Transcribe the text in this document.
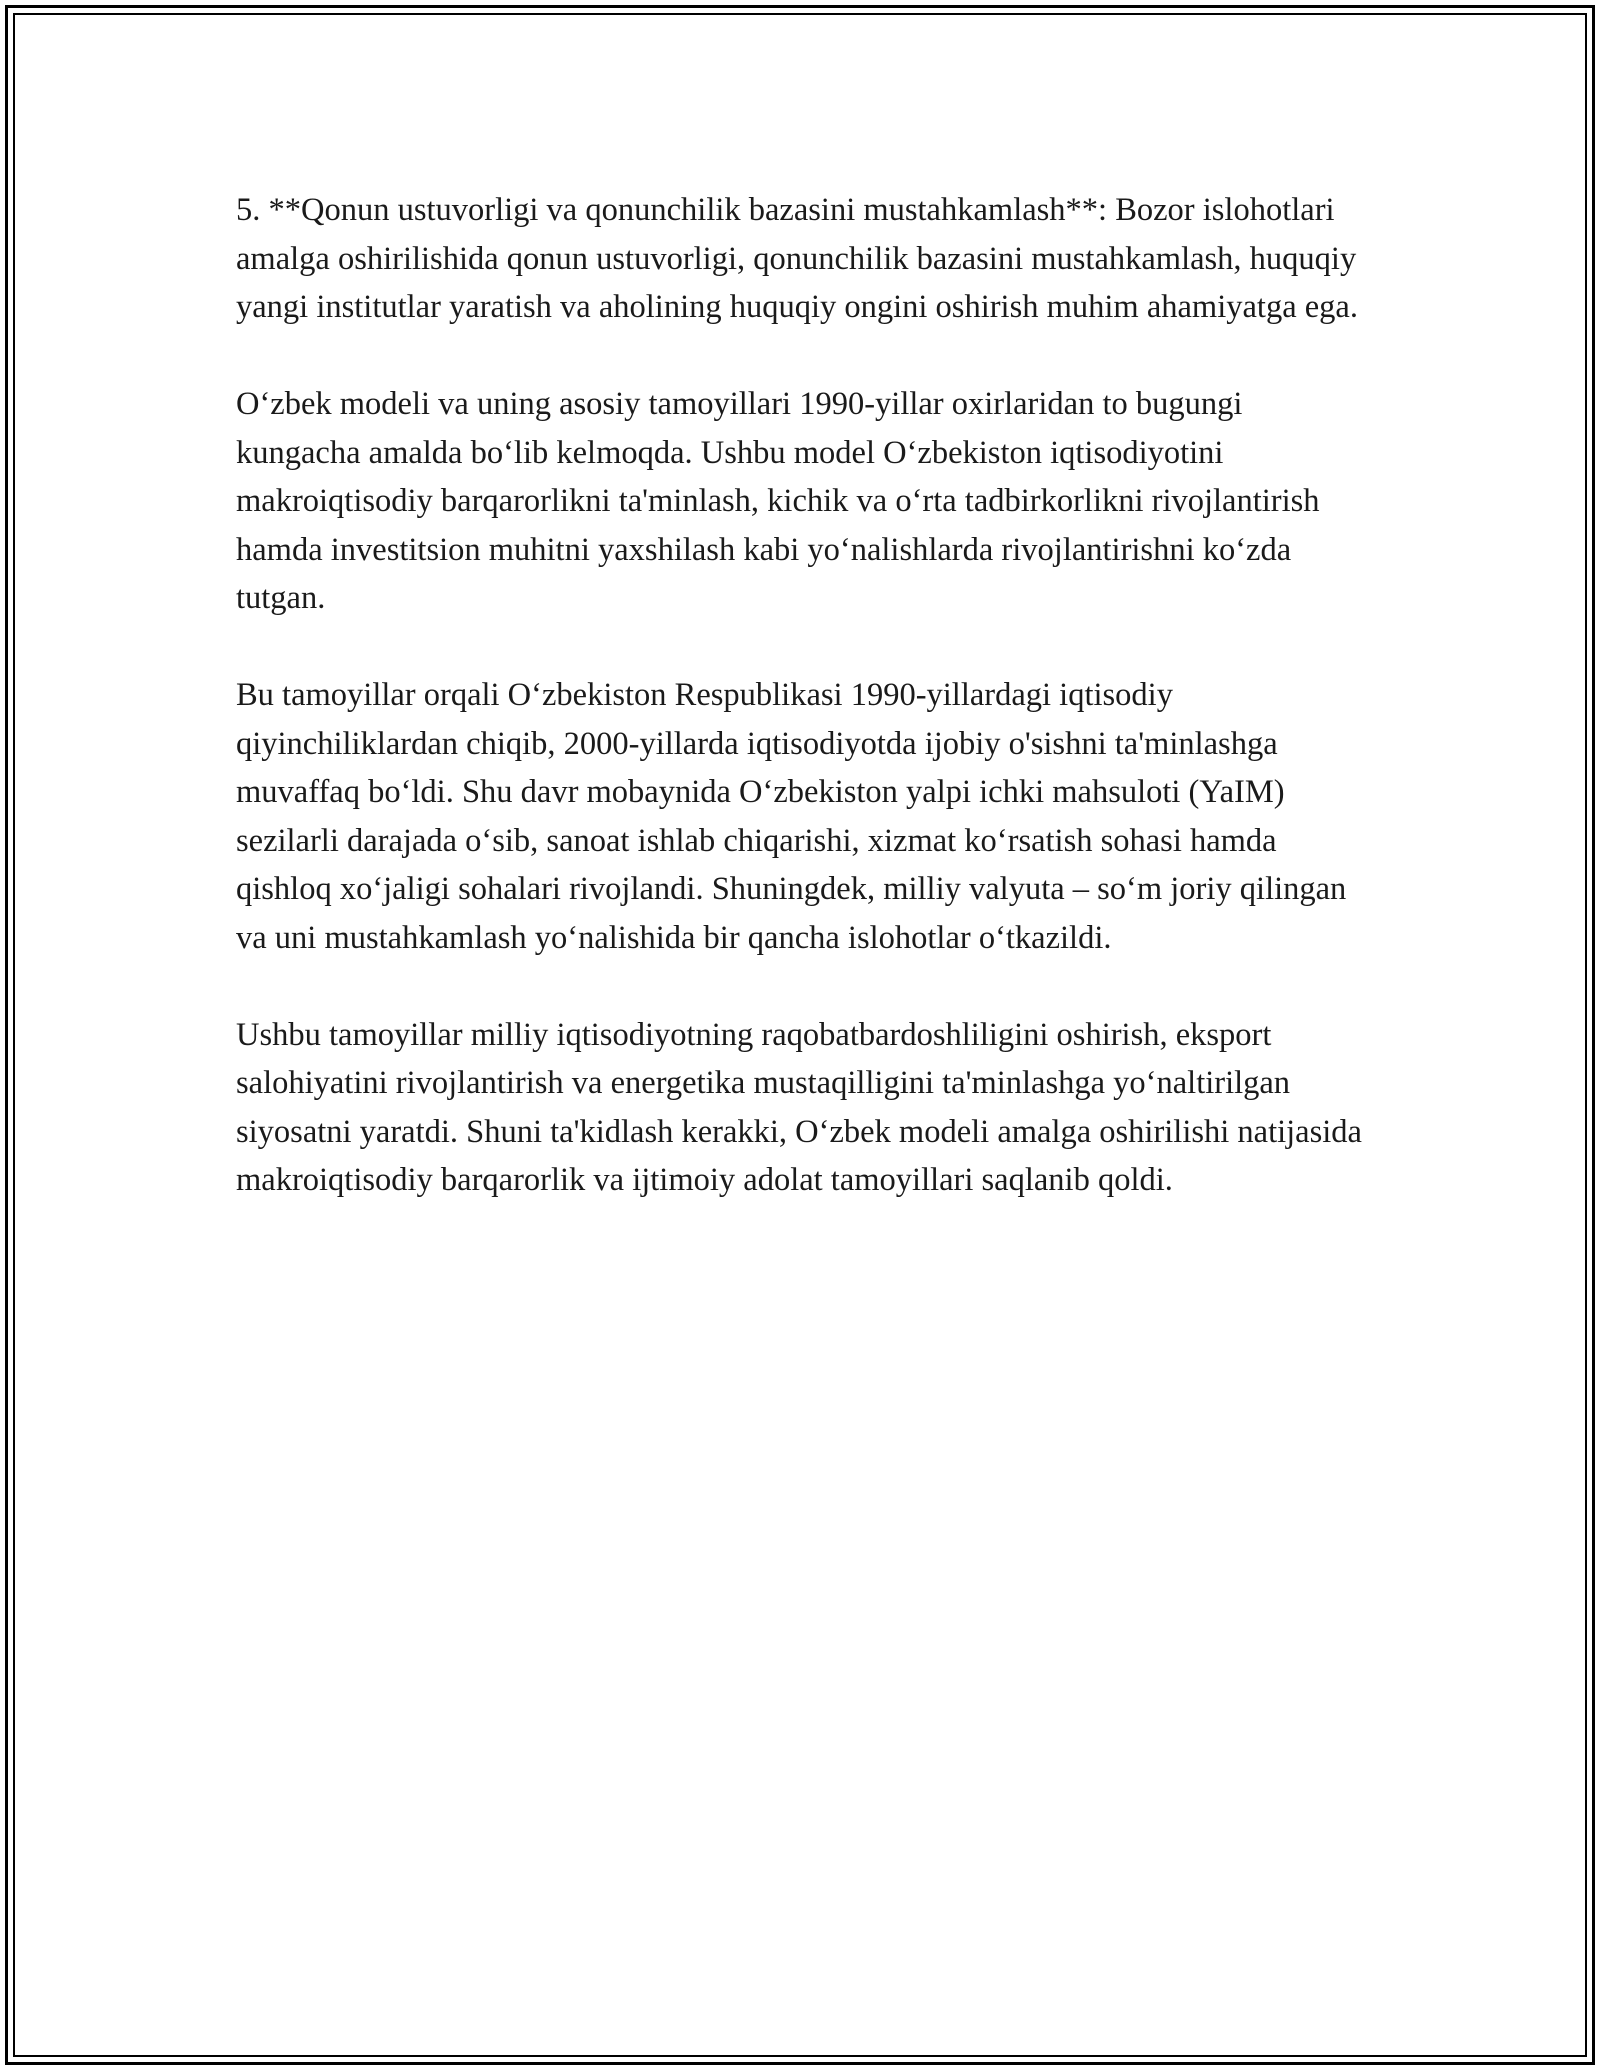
5. **Qonun ustuvorligi va qonunchilik bazasini mustahkamlash**: Bozor islohotlari amalga oshirilishida qonun ustuvorligi, qonunchilik bazasini mustahkamlash, huquqiy yangi institutlar yaratish va aholining huquqiy ongini oshirish muhim ahamiyatga ega.

O‘zbek modeli va uning asosiy tamoyillari 1990-yillar oxirlaridan to bugungi kungacha amalda bo‘lib kelmoqda. Ushbu model O‘zbekiston iqtisodiyotini makroiqtisodiy barqarorlikni ta'minlash, kichik va o‘rta tadbirkorlikni rivojlantirish hamda investitsion muhitni yaxshilash kabi yo‘nalishlarda rivojlantirishni ko‘zda tutgan.

Bu tamoyillar orqali O‘zbekiston Respublikasi 1990-yillardagi iqtisodiy qiyinchiliklardan chiqib, 2000-yillarda iqtisodiyotda ijobiy o'sishni ta'minlashga muvaffaq bo‘ldi. Shu davr mobaynida O‘zbekiston yalpi ichki mahsuloti (YaIM) sezilarli darajada o‘sib, sanoat ishlab chiqarishi, xizmat ko‘rsatish sohasi hamda qishloq xo‘jaligi sohalari rivojlandi. Shuningdek, milliy valyuta – so‘m joriy qilingan va uni mustahkamlash yo‘nalishida bir qancha islohotlar o‘tkazildi.

Ushbu tamoyillar milliy iqtisodiyotning raqobatbardoshliligini oshirish, eksport salohiyatini rivojlantirish va energetika mustaqilligini ta'minlashga yo‘naltirilgan siyosatni yaratdi. Shuni ta'kidlash kerakki, O‘zbek modeli amalga oshirilishi natijasida makroiqtisodiy barqarorlik va ijtimoiy adolat tamoyillari saqlanib qoldi.
